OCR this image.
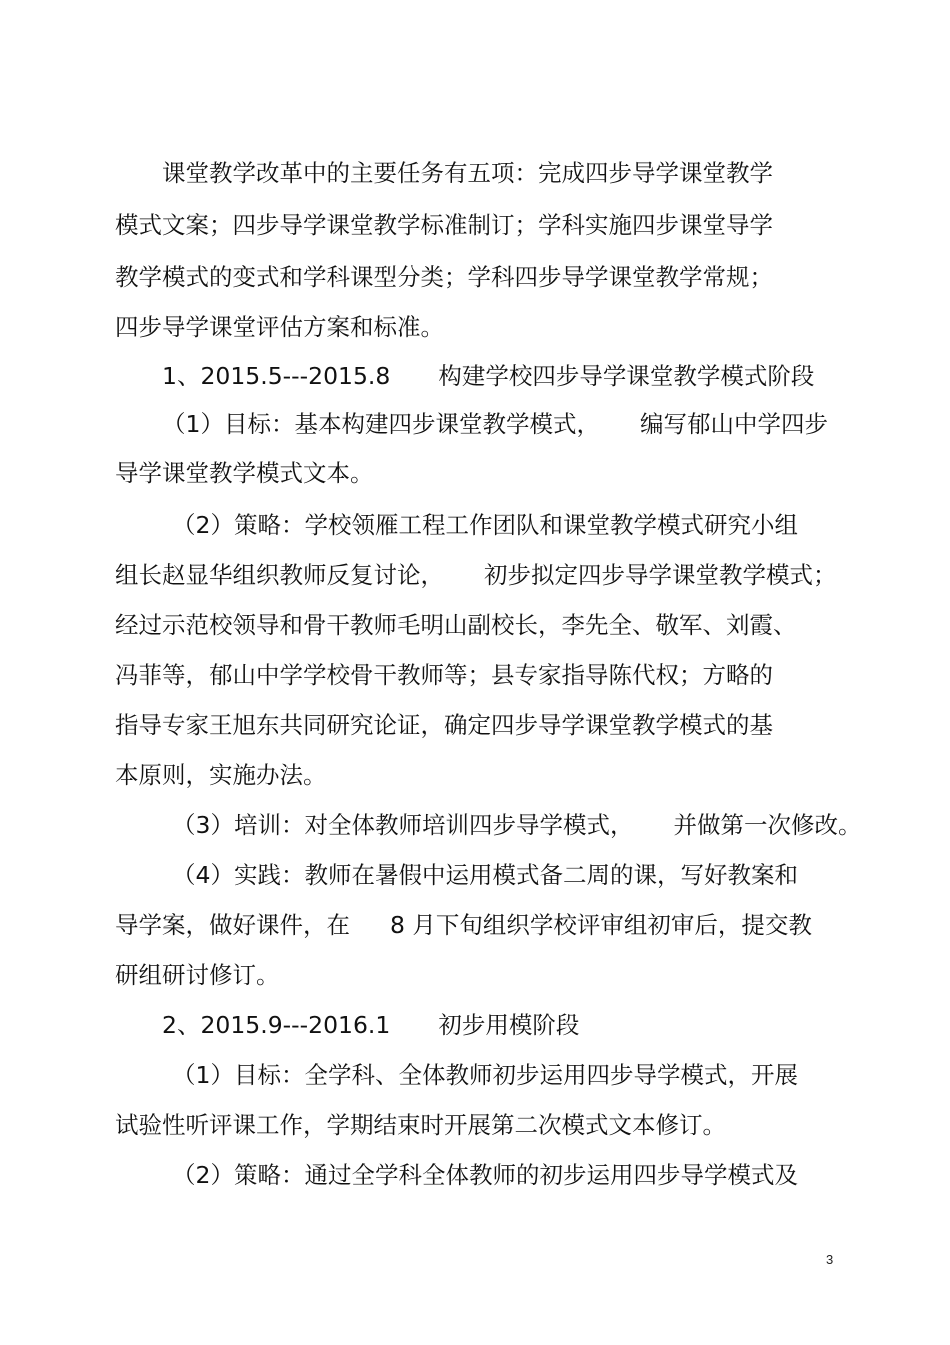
课堂教学改革中的主要任务有五项：完成四步导学课堂教学
模式文案；四步导学课堂教学标准制订；学科实施四步课堂导学
教学模式的变式和学科课型分类；学科四步导学课堂教学常规；
四步导学课堂评估方案和标准。
1、2015.5---2015.8 构建学校四步导学课堂教学模式阶段
（1）目标：基本构建四步课堂教学模式， 编写郁山中学四步
导学课堂教学模式文本。
（2）策略：学校领雁工程工作团队和课堂教学模式研究小组
组长赵显华组织教师反复讨论， 初步拟定四步导学课堂教学模式；
经过示范校领导和骨干教师毛明山副校长，李先全、敬军、刘霞、
冯菲等，郁山中学学校骨干教师等；县专家指导陈代权；方略的
指导专家王旭东共同研究论证，确定四步导学课堂教学模式的基
本原则，实施办法。
（3）培训：对全体教师培训四步导学模式， 并做第一次修改。
（4）实践：教师在暑假中运用模式备二周的课，写好教案和
导学案，做好课件，在 8 月下旬组织学校评审组初审后，提交教
研组研讨修订。
2、2015.9---2016.1 初步用模阶段
（1）目标：全学科、全体教师初步运用四步导学模式，开展
试验性听评课工作，学期结束时开展第二次模式文本修订。
（2）策略：通过全学科全体教师的初步运用四步导学模式及
3
